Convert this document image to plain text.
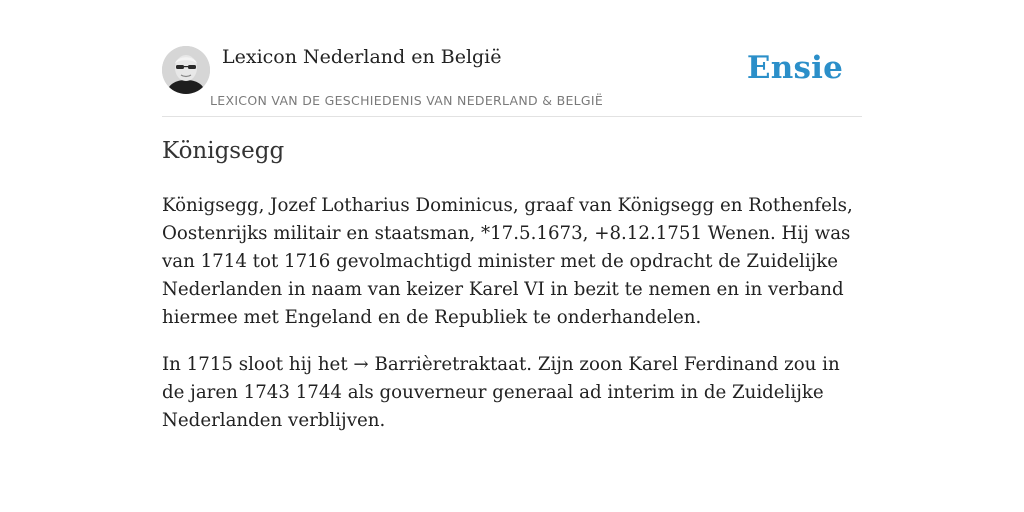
Lexicon Nederland en België
LEXICON VAN DE GESCHIEDENIS VAN NEDERLAND & BELGIË
Ensie
Königsegg

Königsegg, Jozef Lotharius Dominicus, graaf van Königsegg en Rothenfels, Oostenrijks militair en staatsman, *17.5.1673, +8.12.1751 Wenen. Hij was van 1714 tot 1716 gevolmachtigd minister met de opdracht de Zuidelijke Nederlanden in naam van keizer Karel VI in bezit te nemen en in verband hiermee met Engeland en de Republiek te onderhandelen.

In 1715 sloot hij het → Barrièretraktaat. Zijn zoon Karel Ferdinand zou in de jaren 1743 1744 als gouverneur generaal ad interim in de Zuidelijke Nederlanden verblijven.
